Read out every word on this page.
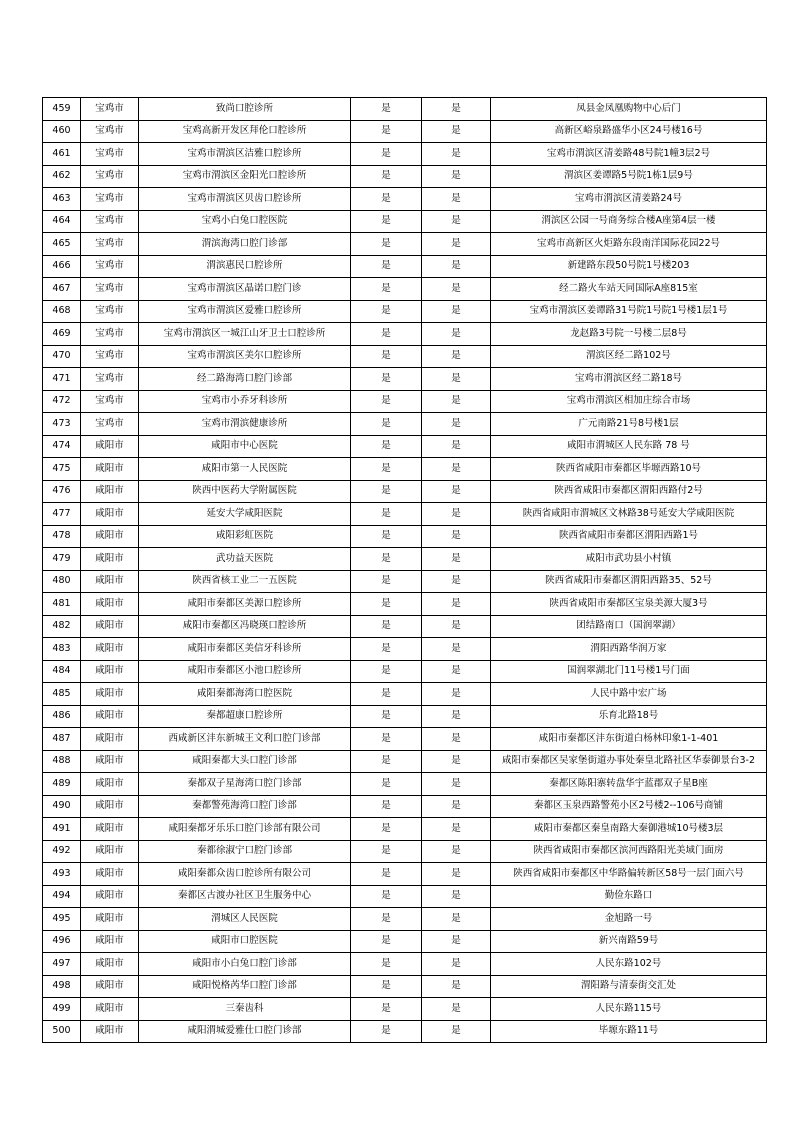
459	宝鸡市	致尚口腔诊所	是	是	凤县金凤凰购物中心后门
460	宝鸡市	宝鸡高新开发区拜伦口腔诊所	是	是	高新区峪泉路盛华小区24号楼16号
461	宝鸡市	宝鸡市渭滨区洁雅口腔诊所	是	是	宝鸡市渭滨区清姜路48号院1幢3层2号
462	宝鸡市	宝鸡市渭滨区金阳光口腔诊所	是	是	渭滨区姜谭路5号院1栋1层9号
463	宝鸡市	宝鸡市渭滨区贝齿口腔诊所	是	是	宝鸡市渭滨区清姜路24号
464	宝鸡市	宝鸡小白兔口腔医院	是	是	渭滨区公园一号商务综合楼A座第4层一楼
465	宝鸡市	渭滨海湾口腔门诊部	是	是	宝鸡市高新区火炬路东段南洋国际花园22号
466	宝鸡市	渭滨惠民口腔诊所	是	是	新建路东段50号院1号楼203
467	宝鸡市	宝鸡市渭滨区晶诺口腔门诊	是	是	经二路火车站天同国际A座815室
468	宝鸡市	宝鸡市渭滨区爱雅口腔诊所	是	是	宝鸡市渭滨区姜谭路31号院1号院1号楼1层1号
469	宝鸡市	宝鸡市渭滨区一城江山牙卫士口腔诊所	是	是	龙赵路3号院一号楼二层8号
470	宝鸡市	宝鸡市渭滨区美尔口腔诊所	是	是	渭滨区经二路102号
471	宝鸡市	经二路海湾口腔门诊部	是	是	宝鸡市渭滨区经二路18号
472	宝鸡市	宝鸡市小乔牙科诊所	是	是	宝鸡市渭滨区相加庄综合市场
473	宝鸡市	宝鸡市渭滨健康诊所	是	是	广元南路21号8号楼1层
474	咸阳市	咸阳市中心医院	是	是	咸阳市渭城区人民东路 78 号
475	咸阳市	咸阳市第一人民医院	是	是	陕西省咸阳市秦都区毕塬西路10号
476	咸阳市	陕西中医药大学附属医院	是	是	陕西省咸阳市秦都区渭阳西路付2号
477	咸阳市	延安大学咸阳医院	是	是	陕西省咸阳市渭城区文林路38号延安大学咸阳医院
478	咸阳市	咸阳彩虹医院	是	是	陕西省咸阳市秦都区渭阳西路1号
479	咸阳市	武功益天医院	是	是	咸阳市武功县小村镇
480	咸阳市	陕西省核工业二一五医院	是	是	陕西省咸阳市秦都区渭阳西路35、52号
481	咸阳市	咸阳市秦都区美源口腔诊所	是	是	陕西省咸阳市秦都区宝泉美源大厦3号
482	咸阳市	咸阳市秦都区冯晓瑛口腔诊所	是	是	团结路南口（国润翠湖）
483	咸阳市	咸阳市秦都区美信牙科诊所	是	是	渭阳西路华润万家
484	咸阳市	咸阳市秦都区小池口腔诊所	是	是	国润翠湖北门11号楼1号门面
485	咸阳市	咸阳秦都海湾口腔医院	是	是	人民中路中宏广场
486	咸阳市	秦都超康口腔诊所	是	是	乐育北路18号
487	咸阳市	西咸新区沣东新城王文利口腔门诊部	是	是	咸阳市秦都区沣东街道白杨林印象1-1-401
488	咸阳市	咸阳秦都大头口腔门诊部	是	是	咸阳市秦都区吴家堡街道办事处秦皇北路社区华泰御景台3-2
489	咸阳市	秦都双子星海湾口腔门诊部	是	是	秦都区陈阳寨转盘华宇蓝郡双子星B座
490	咸阳市	秦都警苑海湾口腔门诊部	是	是	秦都区玉泉西路警苑小区2号楼2--106号商铺
491	咸阳市	咸阳秦都牙乐乐口腔门诊部有限公司	是	是	咸阳市秦都区秦皇南路大秦御港城10号楼3层
492	咸阳市	秦都徐淑宁口腔门诊部	是	是	陕西省咸阳市秦都区滨河西路阳光美域门面房
493	咸阳市	咸阳秦都众齿口腔诊所有限公司	是	是	陕西省咸阳市秦都区中华路偏转新区58号一层门面六号
494	咸阳市	秦都区古渡办社区卫生服务中心	是	是	勤俭东路口
495	咸阳市	渭城区人民医院	是	是	金旭路一号
496	咸阳市	咸阳市口腔医院	是	是	新兴南路59号
497	咸阳市	咸阳市小白兔口腔门诊部	是	是	人民东路102号
498	咸阳市	咸阳悦格芮华口腔门诊部	是	是	渭阳路与清泰街交汇处
499	咸阳市	三秦齿科	是	是	人民东路115号
500	咸阳市	咸阳渭城爱雅仕口腔门诊部	是	是	毕塬东路11号
